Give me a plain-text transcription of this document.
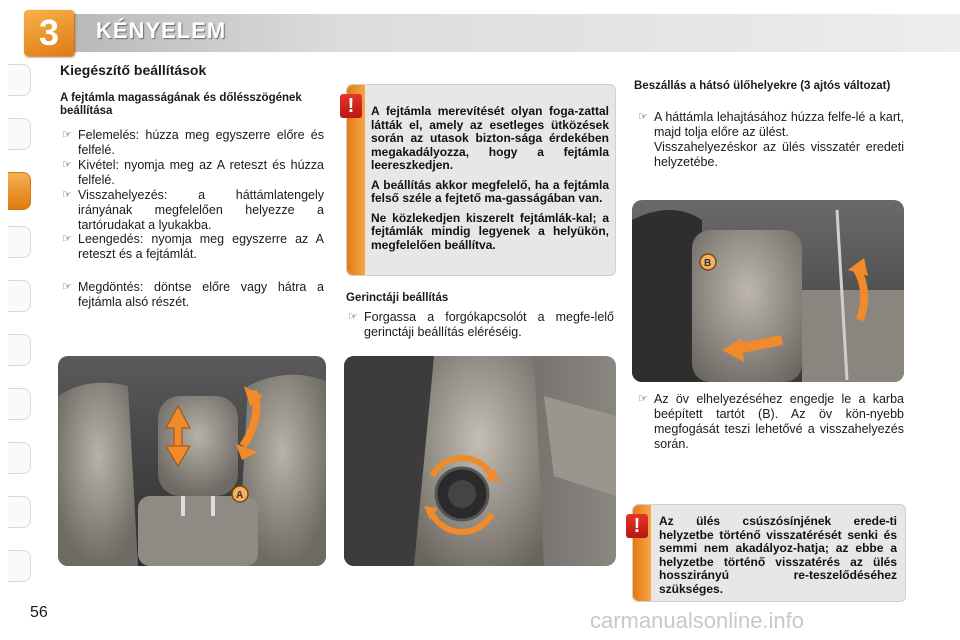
3	KÉNYELEM
Kiegészítő beállítások
A fejtámla magasságának és dőlésszögének beállítása
☞ Felemelés: húzza meg egyszerre előre és felfelé.
☞ Kivétel: nyomja meg az A reteszt és húzza felfelé.
☞ Visszahelyezés: a háttámlatengely irányának megfelelően helyezze a tartórudakat a lyukakba.
☞ Leengedés: nyomja meg egyszerre az A reteszt és a fejtámlát.
☞ Megdöntés: döntse előre vagy hátra a fejtámla alsó részét.
A

A fejtámla merevítését olyan foga-zattal látták el, amely az esetleges ütközések során az utasok bizton-sága érdekében megakadályozza, hogy a fejtámla leereszkedjen.

A beállítás akkor megfelelő, ha a fejtámla felső széle a fejtető ma-gasságában van.

Ne közlekedjen kiszerelt fejtámlák-kal; a fejtámlák mindig legyenek a helyükön, megfelelően beállítva.

!
Gerinctáji beállítás
☞ Forgassa a forgókapcsolót a megfe-lelő gerinctáji beállítás eléréséig.
Beszállás a hátsó ülőhelyekre (3 ajtós változat)
☞ A háttámla lehajtásához húzza felfe-lé a kart, majd tolja előre az ülést.
Visszahelyezéskor az ülés visszatér eredeti helyzetébe.
B
☞ Az öv elhelyezéséhez engedje le a karba beépített tartót (B). Az öv kön-nyebb megfogását teszi lehetővé a visszahelyezés során.
Az ülés csúszósínjének erede-ti helyzetbe történő visszatérését senki és semmi nem akadályoz-hatja; az ebbe a helyzetbe történő visszatérés az ülés hosszirányú re-teszelődéséhez szükséges.
!
56	carmanualsonline.info
